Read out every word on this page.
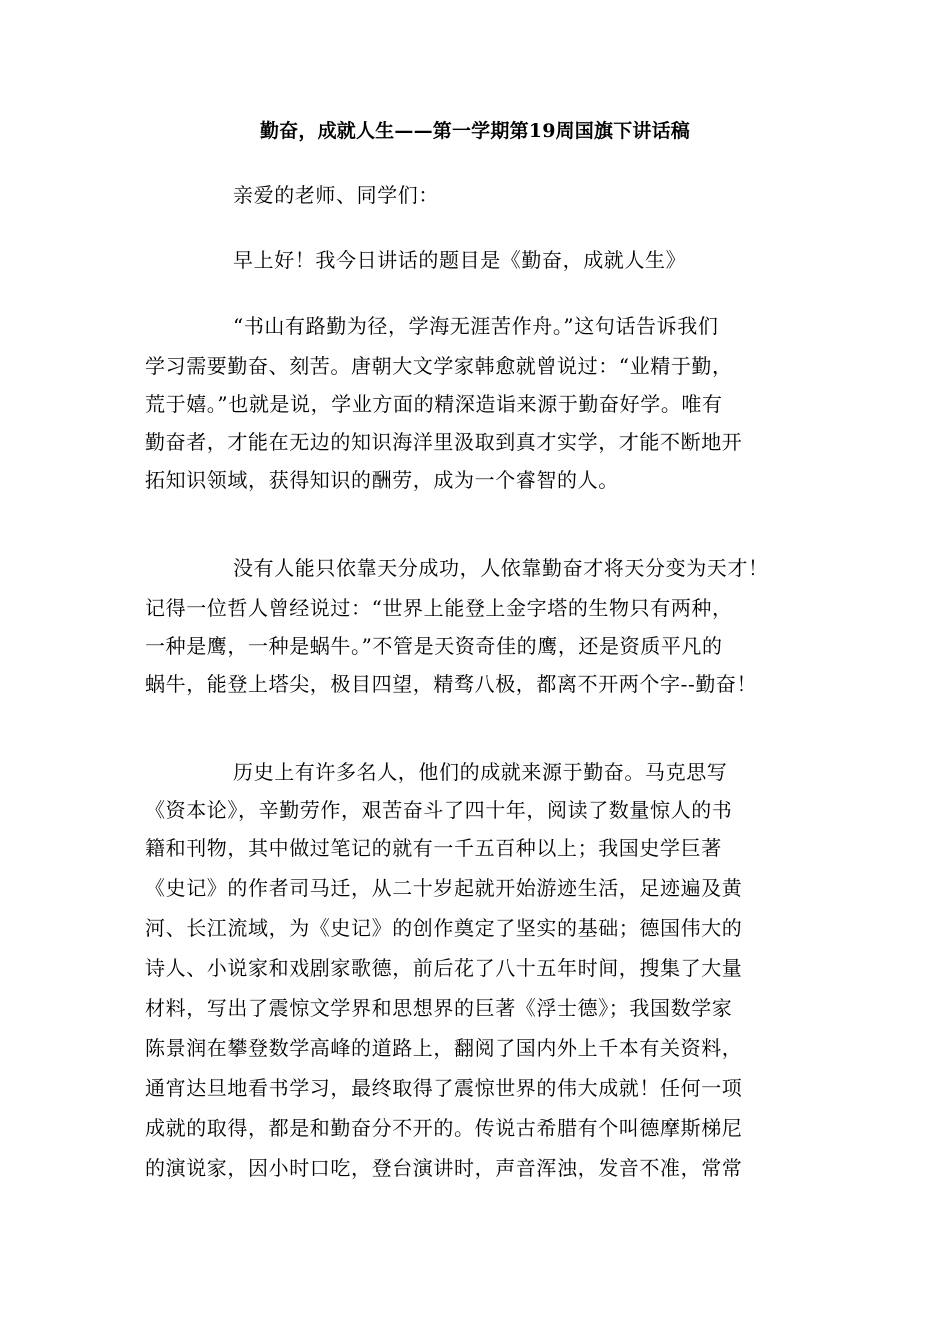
勤奋，成就人生——第一学期第19周国旗下讲话稿
亲爱的老师、同学们：
早上好！我今日讲话的题目是《勤奋，成就人生》
“书山有路勤为径，学海无涯苦作舟。”这句话告诉我们
学习需要勤奋、刻苦。唐朝大文学家韩愈就曾说过：“业精于勤，
荒于嬉。”也就是说，学业方面的精深造诣来源于勤奋好学。唯有
勤奋者，才能在无边的知识海洋里汲取到真才实学，才能不断地开
拓知识领域，获得知识的酬劳，成为一个睿智的人。
没有人能只依靠天分成功，人依靠勤奋才将天分变为天才！
记得一位哲人曾经说过：“世界上能登上金字塔的生物只有两种，
一种是鹰，一种是蜗牛。”不管是天资奇佳的鹰，还是资质平凡的
蜗牛，能登上塔尖，极目四望，精骛八极，都离不开两个字--勤奋！
历史上有许多名人，他们的成就来源于勤奋。马克思写
《资本论》，辛勤劳作，艰苦奋斗了四十年，阅读了数量惊人的书
籍和刊物，其中做过笔记的就有一千五百种以上；我国史学巨著
《史记》的作者司马迁，从二十岁起就开始游迹生活，足迹遍及黄
河、长江流域，为《史记》的创作奠定了坚实的基础；德国伟大的
诗人、小说家和戏剧家歌德，前后花了八十五年时间，搜集了大量
材料，写出了震惊文学界和思想界的巨著《浮士德》；我国数学家
陈景润在攀登数学高峰的道路上，翻阅了国内外上千本有关资料，
通宵达旦地看书学习，最终取得了震惊世界的伟大成就！任何一项
成就的取得，都是和勤奋分不开的。传说古希腊有个叫德摩斯梯尼
的演说家，因小时口吃，登台演讲时，声音浑浊，发音不准，常常
